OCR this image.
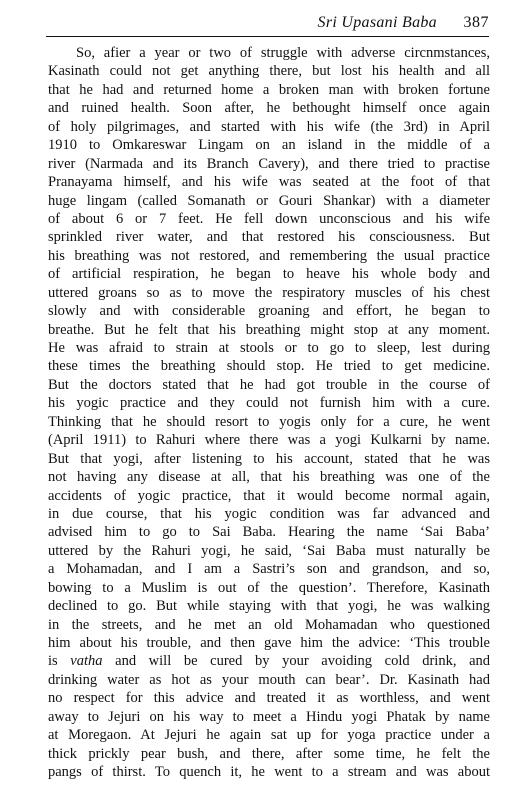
Sri Upasani Baba 387
So, afier a year or two of struggle with adverse circnmstances,
Kasinath could not get anything there, but lost his health and all
that he had and returned home a broken man with broken fortune
and ruined health. Soon after, he bethought himself once again
of holy pilgrimages, and started with his wife (the 3rd) in April
1910 to Omkareswar Lingam on an island in the middle of a
river (Narmada and its Branch Cavery), and there tried to practise
Pranayama himself, and his wife was seated at the foot of that
huge lingam (called Somanath or Gouri Shankar) with a diameter
of about 6 or 7 feet. He fell down unconscious and his wife
sprinkled river water, and that restored his consciousness. But
his breathing was not restored, and remembering the usual practice
of artificial respiration, he began to heave his whole body and
uttered groans so as to move the respiratory muscles of his chest
slowly and with considerable groaning and effort, he began to
breathe. But he felt that his breathing might stop at any moment.
He was afraid to strain at stools or to go to sleep, lest during
these times the breathing should stop. He tried to get medicine.
But the doctors stated that he had got trouble in the course of
his yogic practice and they could not furnish him with a cure.
Thinking that he should resort to yogis only for a cure, he went
(April 1911) to Rahuri where there was a yogi Kulkarni by name.
But that yogi, after listening to his account, stated that he was
not having any disease at all, that his breathing was one of the
accidents of yogic practice, that it would become normal again,
in due course, that his yogic condition was far advanced and
advised him to go to Sai Baba. Hearing the name ‘Sai Baba’
uttered by the Rahuri yogi, he said, ‘Sai Baba must naturally be
a Mohamadan, and I am a Sastri’s son and grandson, and so,
bowing to a Muslim is out of the question’. Therefore, Kasinath
declined to go. But while staying with that yogi, he was walking
in the streets, and he met an old Mohamadan who questioned
him about his trouble, and then gave him the advice: ‘This trouble
is vatha and will be cured by your avoiding cold drink, and
drinking water as hot as your mouth can bear’. Dr. Kasinath had
no respect for this advice and treated it as worthless, and went
away to Jejuri on his way to meet a Hindu yogi Phatak by name
at Moregaon. At Jejuri he again sat up for yoga practice under a
thick prickly pear bush, and there, after some time, he felt the
pangs of thirst. To quench it, he went to a stream and was about
